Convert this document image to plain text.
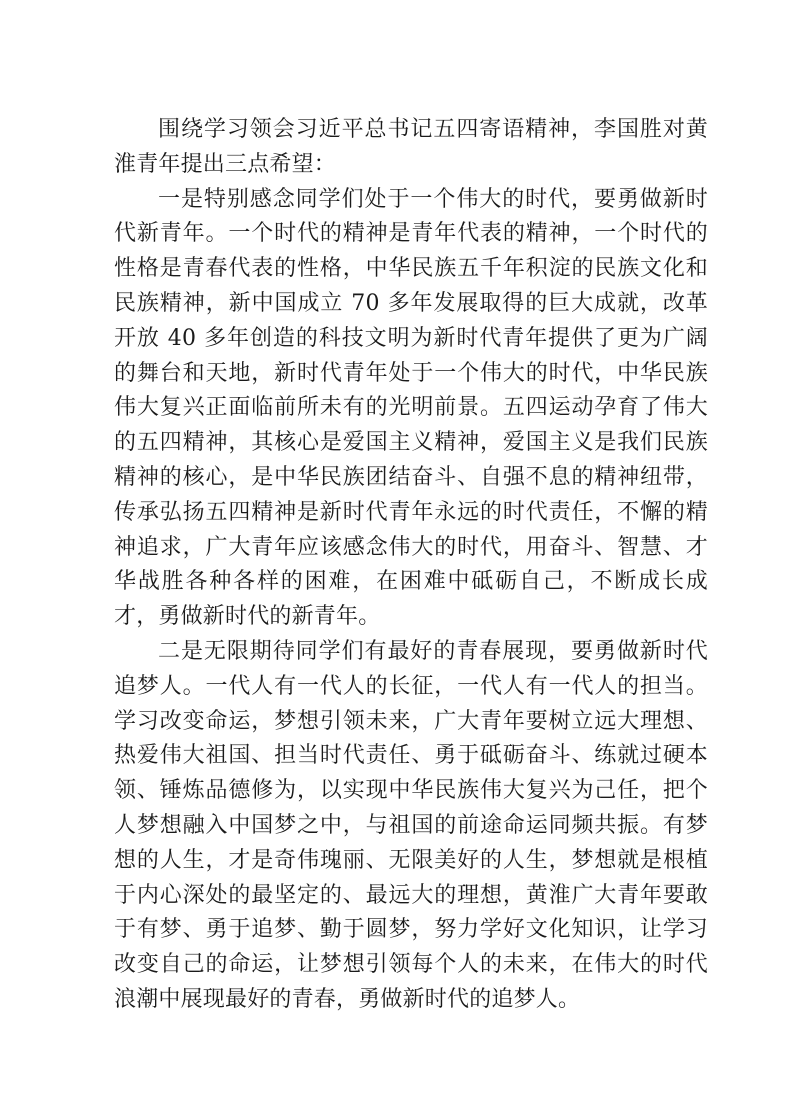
围绕学习领会习近平总书记五四寄语精神，李国胜对黄淮青年提出三点希望：

一是特别感念同学们处于一个伟大的时代，要勇做新时代新青年。一个时代的精神是青年代表的精神，一个时代的性格是青春代表的性格，中华民族五千年积淀的民族文化和民族精神，新中国成立 70 多年发展取得的巨大成就，改革开放 40 多年创造的科技文明为新时代青年提供了更为广阔的舞台和天地，新时代青年处于一个伟大的时代，中华民族伟大复兴正面临前所未有的光明前景。五四运动孕育了伟大的五四精神，其核心是爱国主义精神，爱国主义是我们民族精神的核心，是中华民族团结奋斗、自强不息的精神纽带，传承弘扬五四精神是新时代青年永远的时代责任，不懈的精神追求，广大青年应该感念伟大的时代，用奋斗、智慧、才华战胜各种各样的困难，在困难中砥砺自己，不断成长成才，勇做新时代的新青年。

二是无限期待同学们有最好的青春展现，要勇做新时代追梦人。一代人有一代人的长征，一代人有一代人的担当。学习改变命运，梦想引领未来，广大青年要树立远大理想、热爱伟大祖国、担当时代责任、勇于砥砺奋斗、练就过硬本领、锤炼品德修为，以实现中华民族伟大复兴为己任，把个人梦想融入中国梦之中，与祖国的前途命运同频共振。有梦想的人生，才是奇伟瑰丽、无限美好的人生，梦想就是根植于内心深处的最坚定的、最远大的理想，黄淮广大青年要敢于有梦、勇于追梦、勤于圆梦，努力学好文化知识，让学习改变自己的命运，让梦想引领每个人的未来，在伟大的时代浪潮中展现最好的青春，勇做新时代的追梦人。
